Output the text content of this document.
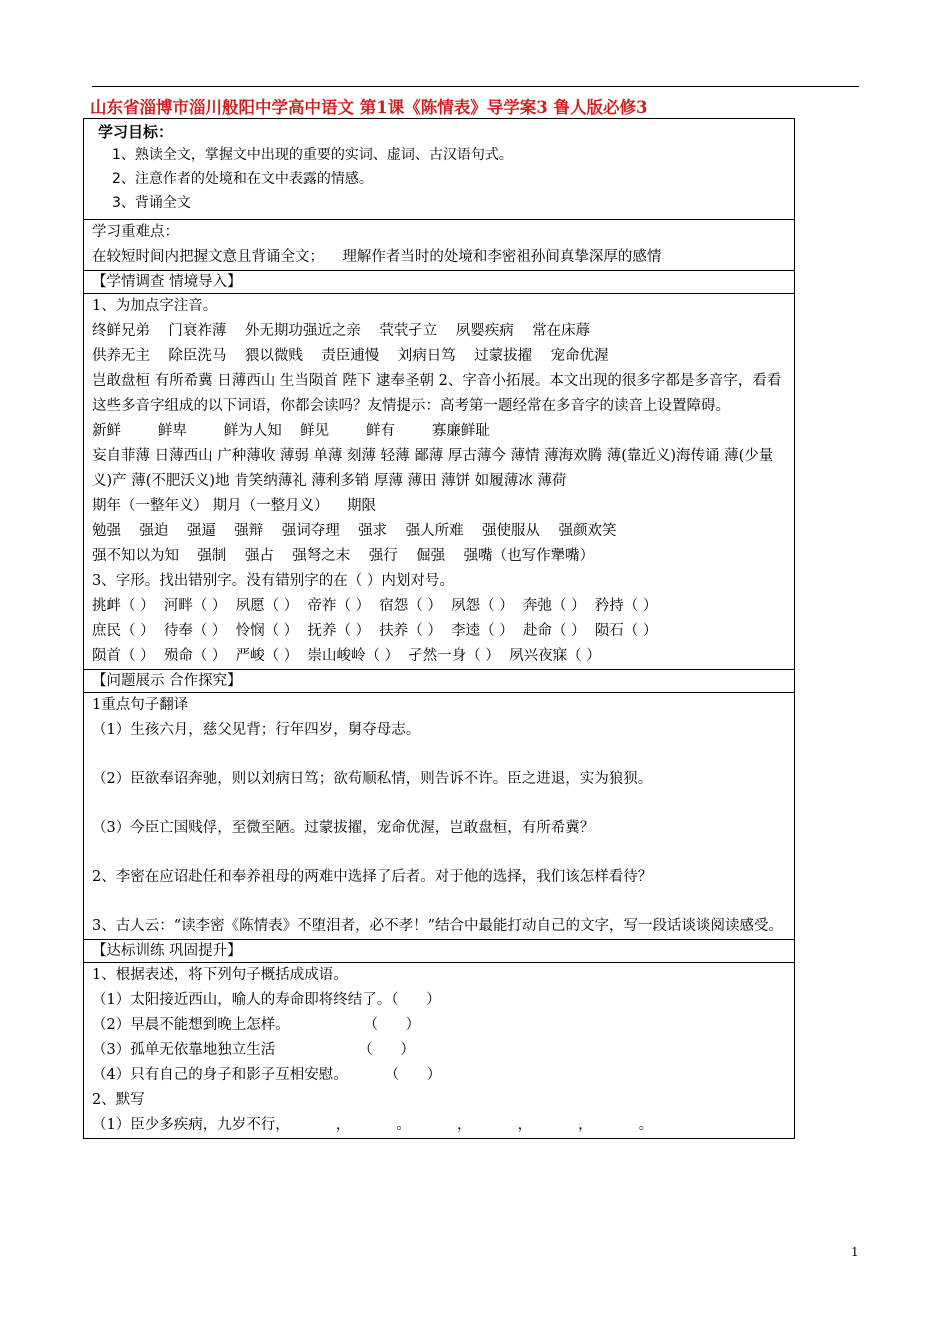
山东省淄博市淄川般阳中学高中语文 第1课《陈情表》导学案3 鲁人版必修3
学习目标：
1、熟读全文，掌握文中出现的重要的实词、虚词、古汉语句式。
2、注意作者的处境和在文中表露的情感。
3、背诵全文
学习重难点：
在较短时间内把握文意且背诵全文；    理解作者当时的处境和李密祖孙间真挚深厚的感情
【学情调查 情境导入】
1、为加点字注音。
终鲜兄弟    门衰祚薄    外无期功强近之亲    茕茕孑立    夙婴疾病    常在床蓐
供养无主    除臣洗马    猥以微贱    责臣逋慢    刘病日笃    过蒙拔擢    宠命优渥
岂敢盘桓 有所希冀 日薄西山 生当陨首 陛下 逮奉圣朝 2、字音小拓展。本文出现的很多字都是多音字，看看这些多音字组成的以下词语，你都会读吗？友情提示：高考第一题经常在多音字的读音上设置障碍。
新鲜        鲜卑        鲜为人知    鲜见        鲜有        寡廉鲜耻
妄自菲薄 日薄西山 广种薄收 薄弱 单薄 刻薄 轻薄 鄙薄 厚古薄今 薄情 薄海欢腾 薄(靠近义)海传诵 薄(少量义)产 薄(不肥沃义)地 肯笑纳薄礼 薄利多销 厚薄 薄田 薄饼 如履薄冰 薄荷
期年（一整年义） 期月（一整月义）    期限
勉强    强迫    强逼    强辩    强词夺理    强求    强人所难    强使服从    强颜欢笑
强不知以为知    强制    强占    强弩之末    强行    倔强    强嘴（也写作犟嘴）
3、字形。找出错别字。没有错别字的在（ ）内划对号。
挑衅（ ）  河畔（ ）  夙愿（ ）  帝祚（ ）  宿怨（ ）  夙怨（ ）  奔弛（ ）  矜持（ ）
庶民（ ）  待奉（ ）  怜悯（ ）  抚养（ ）  扶养（ ）  李逵（ ）  赴命（ ）  陨石（ ）
陨首（ ）  殒命（ ）  严峻（ ）  崇山峻岭（ ）  孑然一身（ ）  夙兴夜寐（ ）
【问题展示 合作探究】
1重点句子翻译
（1）生孩六月，慈父见背；行年四岁，舅夺母志。
（2）臣欲奉诏奔驰，则以刘病日笃；欲苟顺私情，则告诉不许。臣之进退，实为狼狈。
（3）今臣亡国贱俘，至微至陋。过蒙拔擢，宠命优渥，岂敢盘桓，有所希冀？
2、李密在应诏赴任和奉养祖母的两难中选择了后者。对于他的选择，我们该怎样看待？
3、古人云：“读李密《陈情表》不堕泪者，必不孝！”结合中最能打动自己的文字，写一段话谈谈阅读感受。
【达标训练 巩固提升】
1、根据表述，将下列句子概括成成语。
（1）太阳接近西山，喻人的寿命即将终结了。（      ）
（2）早晨不能想到晚上怎样。                （      ）
（3）孤单无依靠地独立生活                  （      ）
（4）只有自己的身子和影子互相安慰。        （      ）
2、默写
（1）臣少多疾病，九岁不行，          ，          。          ，          ，          ，          。
1
